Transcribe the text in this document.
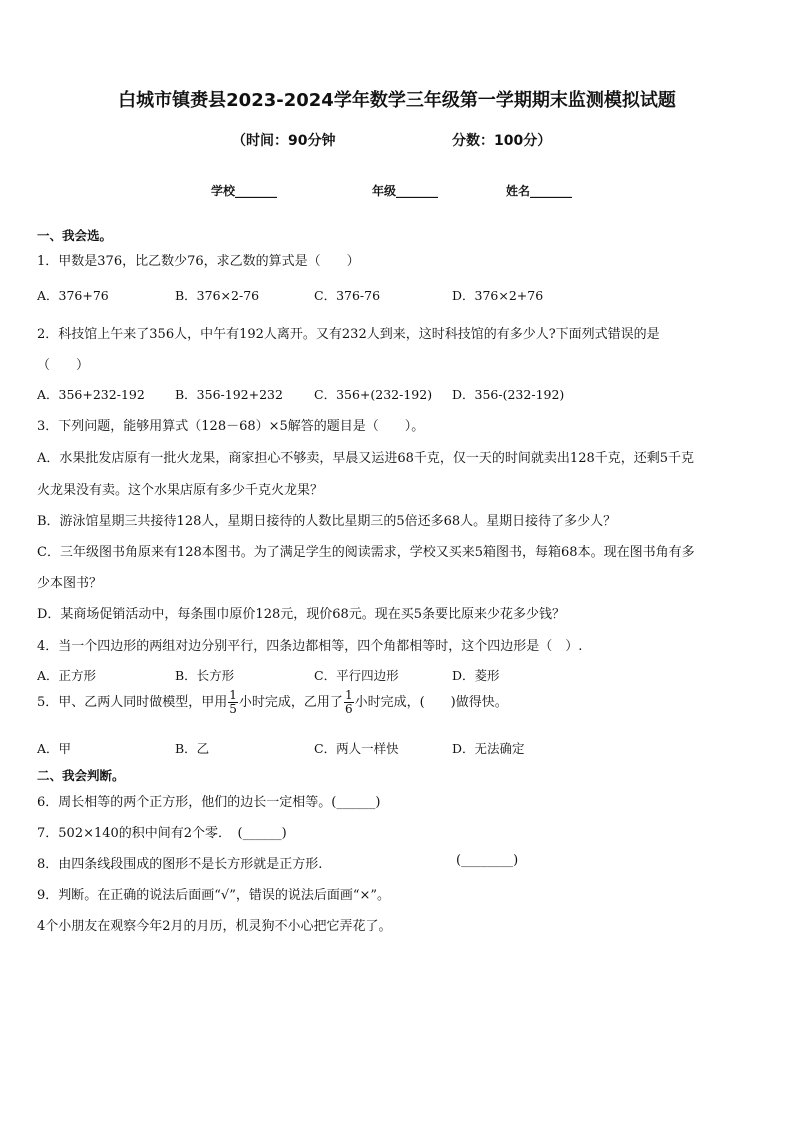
白城市镇赉县2023-2024学年数学三年级第一学期期末监测模拟试题
（时间：90分钟	分数：100分）
学校_______	年级_______	姓名_______
一、我会选。
1．甲数是376，比乙数少76，求乙数的算式是（　　）
A．376+76	B．376×2-76	C．376-76	D．376×2+76
2．科技馆上午来了356人，中午有192人离开。又有232人到来，这时科技馆的有多少人?下面列式错误的是
（　　）
A．356+232-192 B．356-192+232 C．356+(232-192) D．356-(232-192)
3．下列问题，能够用算式（128－68）×5解答的题目是（　　）。
A．水果批发店原有一批火龙果，商家担心不够卖，早晨又运进68千克，仅一天的时间就卖出128千克，还剩5千克
火龙果没有卖。这个水果店原有多少千克火龙果？
B．游泳馆星期三共接待128人，星期日接待的人数比星期三的5倍还多68人。星期日接待了多少人？
C．三年级图书角原来有128本图书。为了满足学生的阅读需求，学校又买来5箱图书，每箱68本。现在图书角有多
少本图书？
D．某商场促销活动中，每条围巾原价128元，现价68元。现在买5条要比原来少花多少钱？
4．当一个四边形的两组对边分别平行，四条边都相等，四个角都相等时，这个四边形是（　）.
A．正方形	B．长方形	C．平行四边形	D．菱形
5．甲、乙两人同时做模型，甲用 $\frac{1}{5}$ 小时完成，乙用了 $\frac{1}{6}$ 小时完成，(　　)做得快。
A．甲	B．乙	C．两人一样快	D．无法确定
二、我会判断。
6．周长相等的两个正方形，他们的边长一定相等。(______)
7．502×140的积中间有2个零．　(______)
8．由四条线段围成的图形不是长方形就是正方形.	(________)
9．判断。在正确的说法后面画“√”，错误的说法后面画“×”。
4个小朋友在观察今年2月的月历，机灵狗不小心把它弄花了。
